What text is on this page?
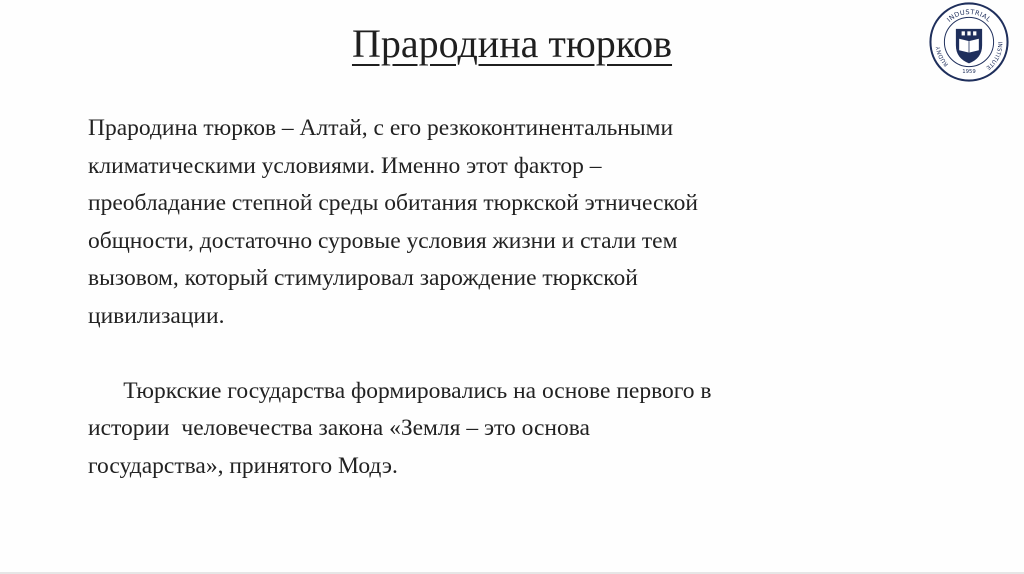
Прародина тюрков
INDUSTRIAL
RUDNY
INSTITUTE
1959

Прародина тюрков – Алтай, с его резкоконтинентальными
климатическими условиями. Именно этот фактор –
преобладание степной среды обитания тюркской этнической
общности, достаточно суровые условия жизни и стали тем
вызовом, который стимулировал зарождение тюркской
цивилизации.

Тюркские государства формировались на основе первого в
истории  человечества закона «Земля – это основа
государства», принятого Модэ.
